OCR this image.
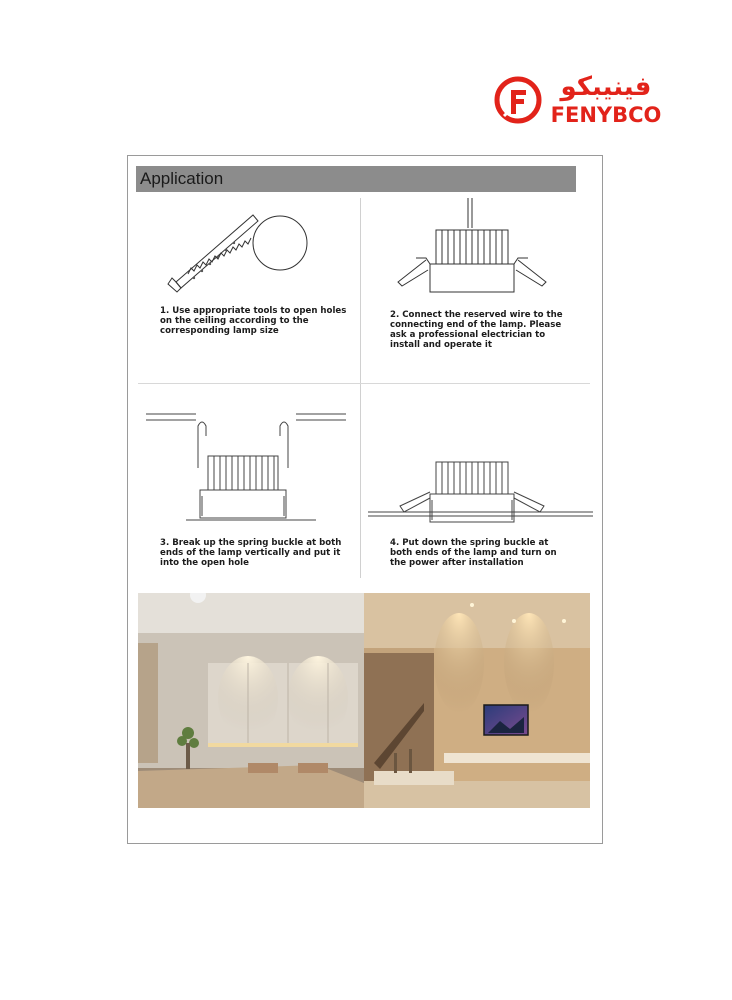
فينيبكو
FENYBCO
Application
1. Use appropriate tools to open holes
on the ceiling according to the
corresponding lamp size
2. Connect the reserved wire to the
connecting end of the lamp. Please
ask a professional electrician to
install and operate it
3. Break up the spring buckle at both
ends of the lamp vertically and put it
into the open hole
4. Put down the spring buckle at
both ends of the lamp and turn on
the power after installation
